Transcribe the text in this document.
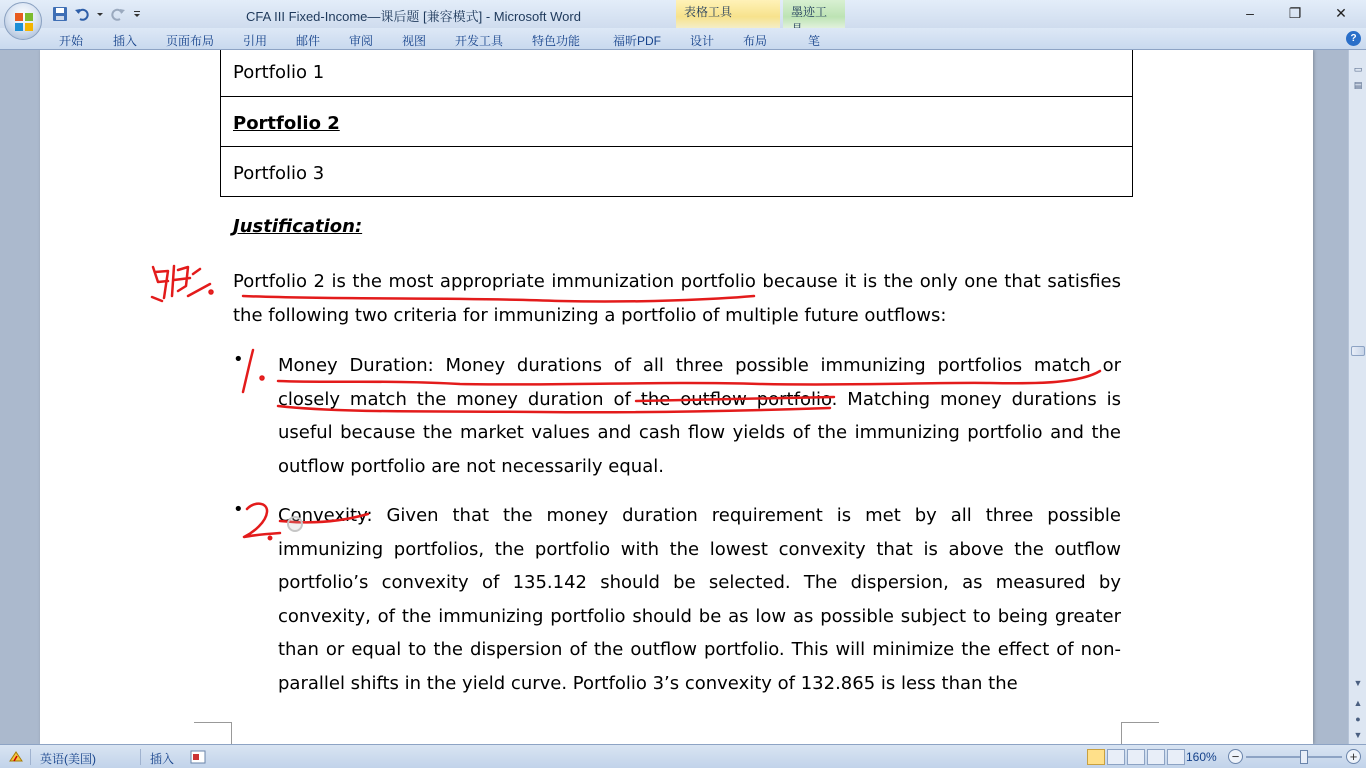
CFA III Fixed-Income—课后题 [兼容模式] - Microsoft Word	表格工具	墨迹工	–	❐	✕
开始 插入 页面布局 引用 邮件 审阅 视图 开发工具 特色功能	福昕PDF 设计 布局	笔	?
Portfolio 1
Portfolio 2
Portfolio 3
Justification:
Portfolio 2 is the most appropriate immunization portfolio because it is the only one that satisfies the following two criteria for immunizing a portfolio of multiple future outflows:
• Money Duration: Money durations of all three possible immunizing portfolios match or closely match the money duration of the outflow portfolio. Matching money durations is useful because the market values and cash flow yields of the immunizing portfolio and the outflow portfolio are not necessarily equal.
• Convexity: Given that the money duration requirement is met by all three possible immunizing portfolios, the portfolio with the lowest convexity that is above the outflow portfolio’s convexity of 135.142 should be selected. The dispersion, as measured by convexity, of the immunizing portfolio should be as low as possible subject to being greater than or equal to the dispersion of the outflow portfolio. This will minimize the effect of non-parallel shifts in the yield curve. Portfolio 3’s convexity of 132.865 is less than the
▭
▤
▼
▲
●
▼
英语(美国)	插入	160% −	+
